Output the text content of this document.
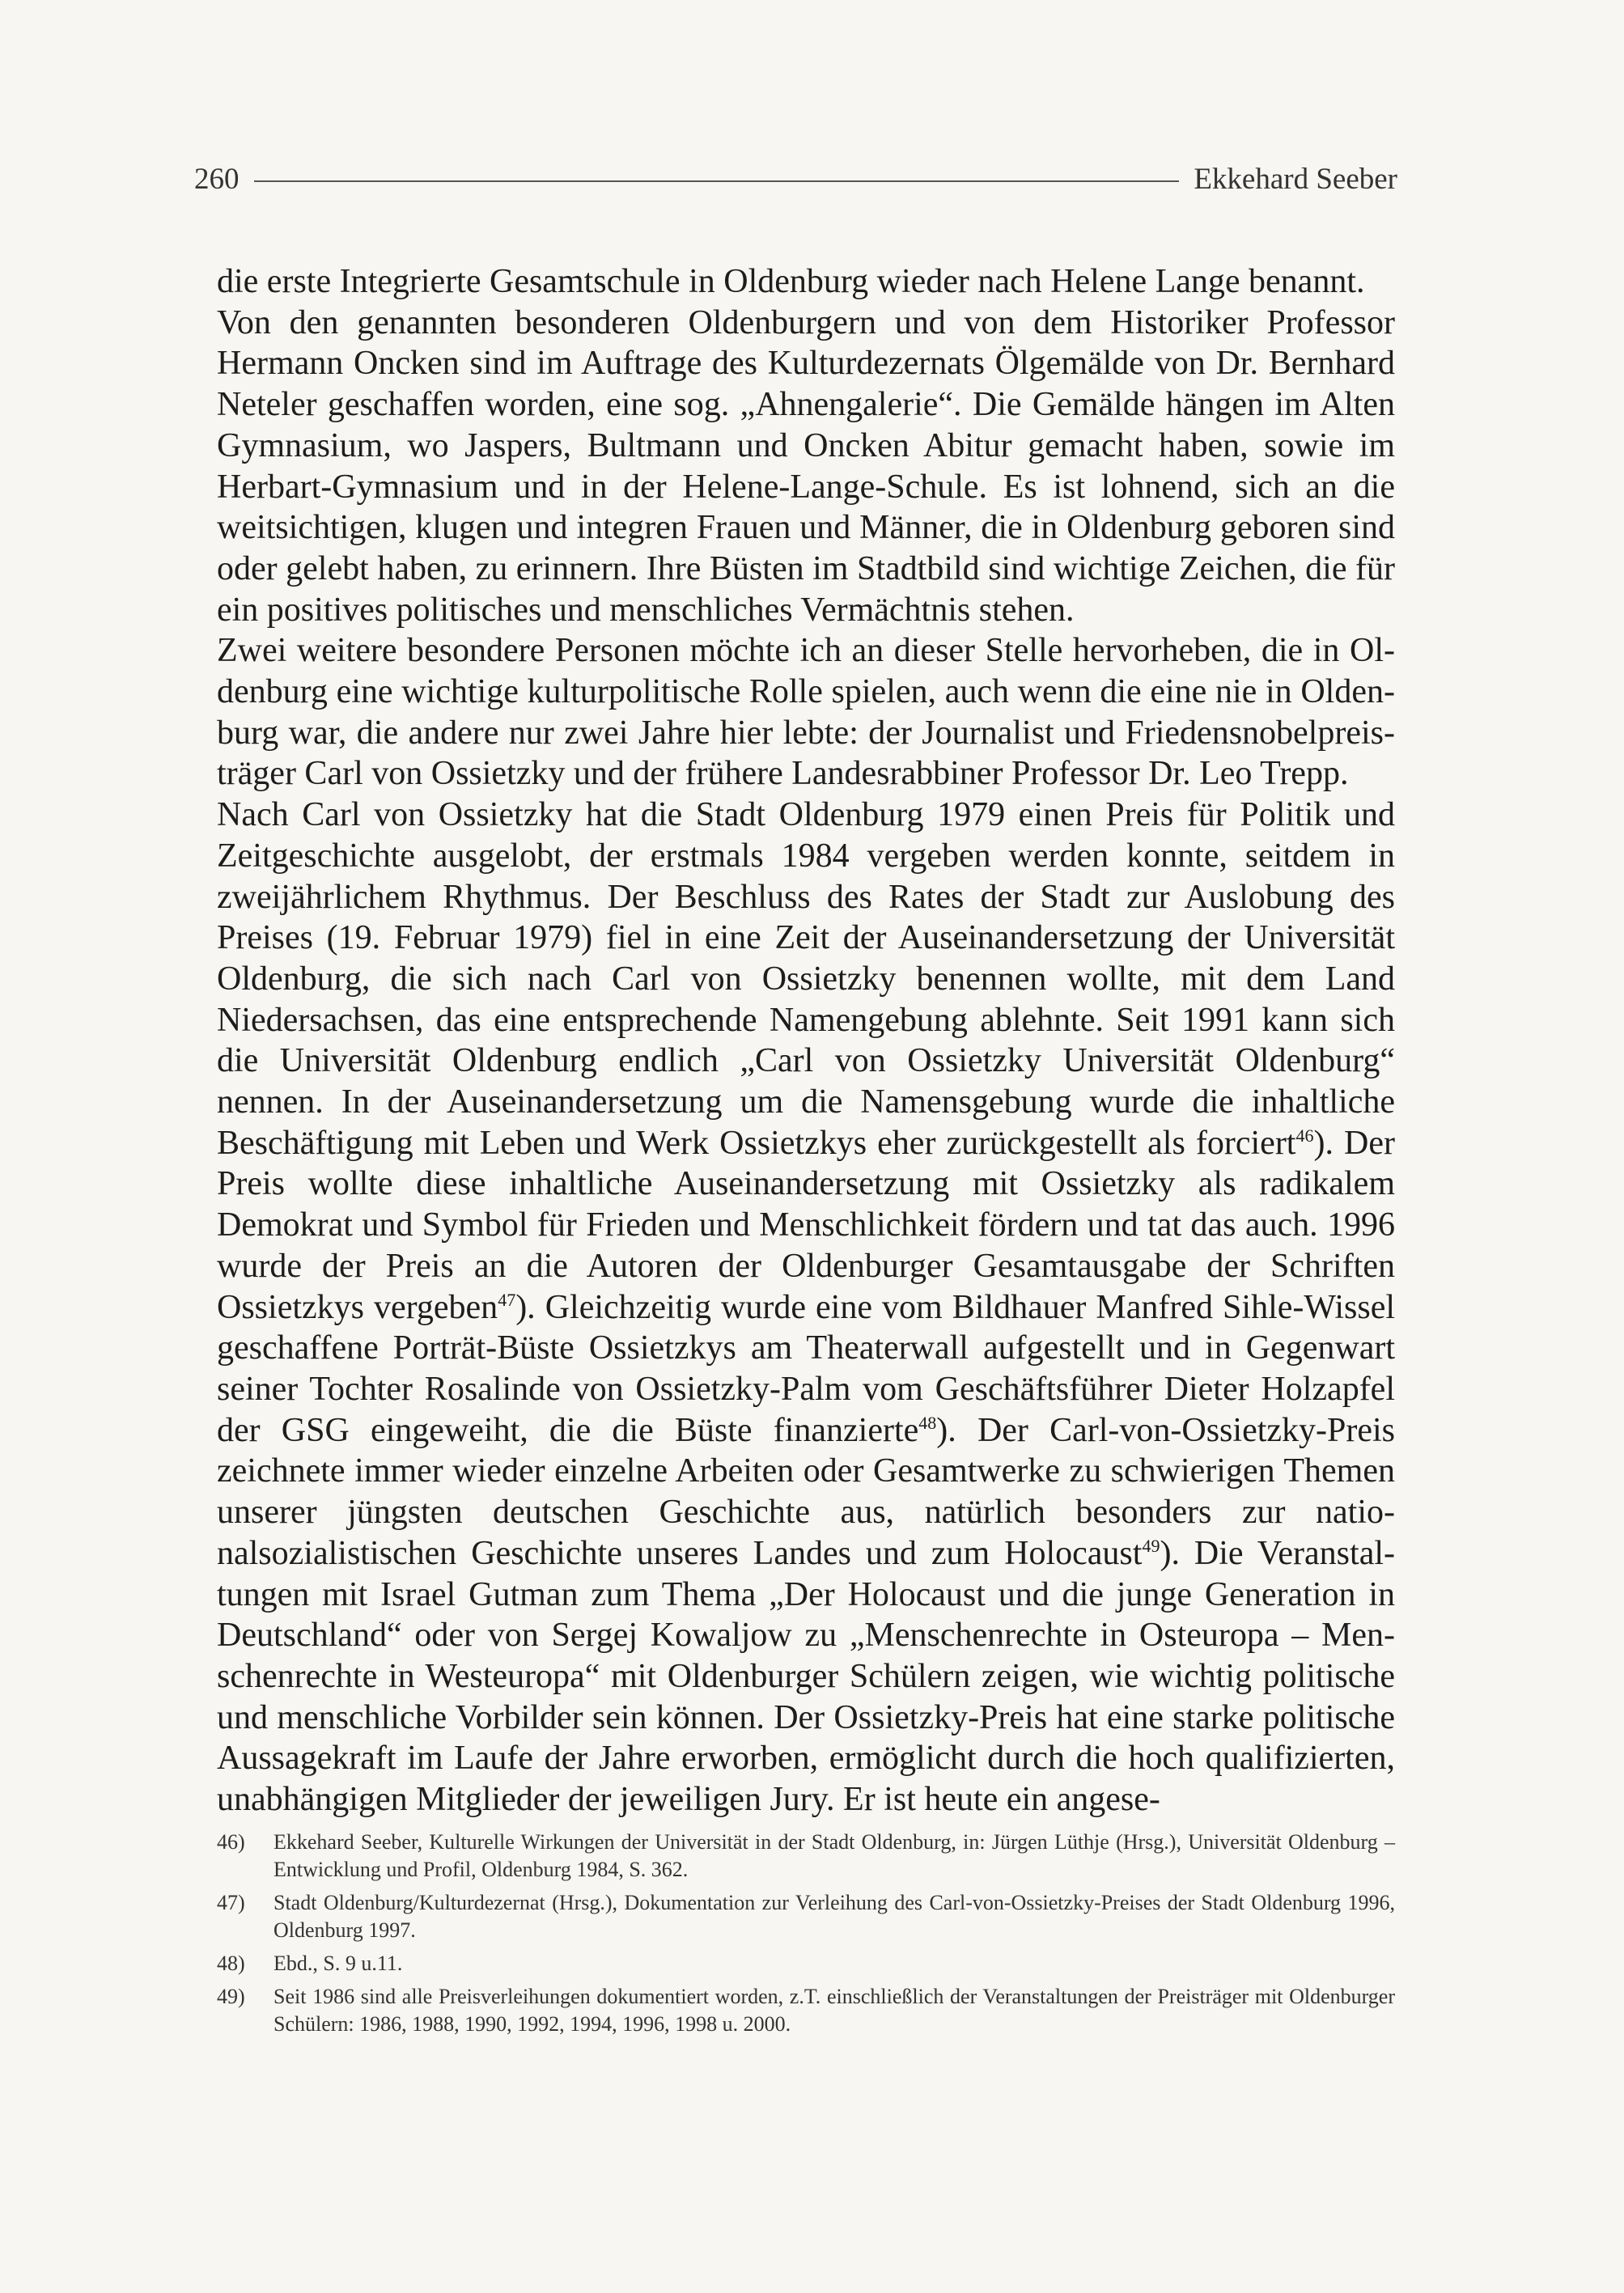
260	Ekkehard Seeber

die erste Integrierte Gesamtschule in Oldenburg wieder nach Helene Lange benannt.

Von den genannten besonderen Oldenburgern und von dem Historiker Professor Hermann Oncken sind im Auftrage des Kulturdezernats Ölgemälde von Dr. Bernhard Neteler geschaffen worden, eine sog. „Ahnengalerie“. Die Gemälde hängen im Alten Gymnasium, wo Jaspers, Bultmann und Oncken Abitur gemacht haben, sowie im Herbart-Gymnasium und in der Helene-Lange-Schule. Es ist lohnend, sich an die weitsichtigen, klugen und integren Frauen und Männer, die in Oldenburg geboren sind oder gelebt haben, zu erinnern. Ihre Büsten im Stadtbild sind wichtige Zeichen, die für ein positives politisches und menschliches Vermächtnis stehen.

Zwei weitere besondere Personen möchte ich an dieser Stelle hervorheben, die in Oldenburg eine wichtige kulturpolitische Rolle spielen, auch wenn die eine nie in Oldenburg war, die andere nur zwei Jahre hier lebte: der Journalist und Friedensnobelpreisträger Carl von Ossietzky und der frühere Landesrabbiner Professor Dr. Leo Trepp.

Nach Carl von Ossietzky hat die Stadt Oldenburg 1979 einen Preis für Politik und Zeitgeschichte ausgelobt, der erstmals 1984 vergeben werden konnte, seitdem in zweijährlichem Rhythmus. Der Beschluss des Rates der Stadt zur Auslobung des Preises (19. Februar 1979) fiel in eine Zeit der Auseinandersetzung der Universität Oldenburg, die sich nach Carl von Ossietzky benennen wollte, mit dem Land Niedersachsen, das eine entsprechende Namengebung ablehnte. Seit 1991 kann sich die Universität Oldenburg endlich „Carl von Ossietzky Universität Oldenburg“ nennen. In der Auseinandersetzung um die Namensgebung wurde die inhaltliche Beschäftigung mit Leben und Werk Ossietzkys eher zurückgestellt als forciert$^{46}$). Der Preis wollte diese inhaltliche Auseinandersetzung mit Ossietzky als radikalem Demokrat und Symbol für Frieden und Menschlichkeit fördern und tat das auch. 1996 wurde der Preis an die Autoren der Oldenburger Gesamtausgabe der Schriften Ossietzkys vergeben$^{47}$). Gleichzeitig wurde eine vom Bildhauer Manfred Sihle-Wissel geschaffene Porträt-Büste Ossietzkys am Theaterwall aufgestellt und in Gegenwart seiner Tochter Rosalinde von Ossietzky-Palm vom Geschäftsführer Dieter Holzapfel der GSG eingeweiht, die die Büste finanzierte$^{48}$). Der Carl-von-Ossietzky-Preis zeichnete immer wieder einzelne Arbeiten oder Gesamtwerke zu schwierigen Themen unserer jüngsten deutschen Geschichte aus, natürlich besonders zur nationalsozialistischen Geschichte unseres Landes und zum Holocaust$^{49}$). Die Veranstaltungen mit Israel Gutman zum Thema „Der Holocaust und die junge Generation in Deutschland“ oder von Sergej Kowaljow zu „Menschenrechte in Osteuropa – Menschenrechte in Westeuropa“ mit Oldenburger Schülern zeigen, wie wichtig politische und menschliche Vorbilder sein können. Der Ossietzky-Preis hat eine starke politische Aussagekraft im Laufe der Jahre erworben, ermöglicht durch die hoch qualifizierten, unabhängigen Mitglieder der jeweiligen Jury. Er ist heute ein angese-

46)	Ekkehard Seeber, Kulturelle Wirkungen der Universität in der Stadt Oldenburg, in: Jürgen Lüthje (Hrsg.), Universität Oldenburg – Entwicklung und Profil, Oldenburg 1984, S. 362.
47)	Stadt Oldenburg/Kulturdezernat (Hrsg.), Dokumentation zur Verleihung des Carl-von-Ossietzky-Preises der Stadt Oldenburg 1996, Oldenburg 1997.
48)	Ebd., S. 9 u.11.
49)	Seit 1986 sind alle Preisverleihungen dokumentiert worden, z.T. einschließlich der Veranstaltungen der Preisträger mit Oldenburger Schülern: 1986, 1988, 1990, 1992, 1994, 1996, 1998 u. 2000.
